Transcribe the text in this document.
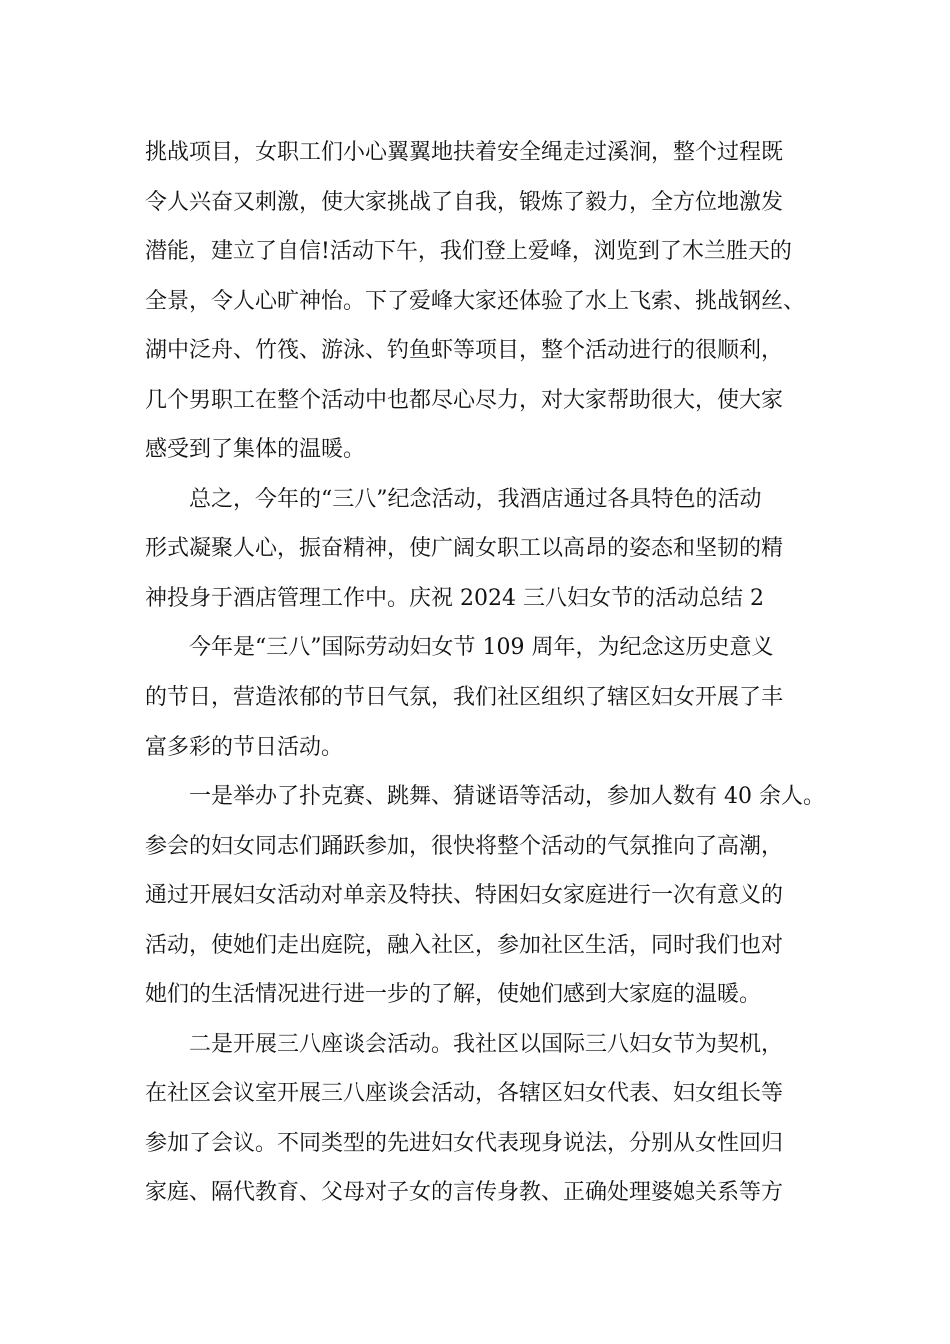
挑战项目，女职工们小心翼翼地扶着安全绳走过溪涧，整个过程既
令人兴奋又刺激，使大家挑战了自我，锻炼了毅力，全方位地激发
潜能，建立了自信!活动下午，我们登上爱峰，浏览到了木兰胜天的
全景，令人心旷神怡。下了爱峰大家还体验了水上飞索、挑战钢丝、
湖中泛舟、竹筏、游泳、钓鱼虾等项目，整个活动进行的很顺利，
几个男职工在整个活动中也都尽心尽力，对大家帮助很大，使大家
感受到了集体的温暖。
总之，今年的“三八”纪念活动，我酒店通过各具特色的活动
形式凝聚人心，振奋精神，使广阔女职工以高昂的姿态和坚韧的精
神投身于酒店管理工作中。庆祝 2024 三八妇女节的活动总结 2
今年是“三八”国际劳动妇女节 109 周年，为纪念这历史意义
的节日，营造浓郁的节日气氛，我们社区组织了辖区妇女开展了丰
富多彩的节日活动。
一是举办了扑克赛、跳舞、猜谜语等活动，参加人数有 40 余人。
参会的妇女同志们踊跃参加，很快将整个活动的气氛推向了高潮，
通过开展妇女活动对单亲及特扶、特困妇女家庭进行一次有意义的
活动，使她们走出庭院，融入社区，参加社区生活，同时我们也对
她们的生活情况进行进一步的了解，使她们感到大家庭的温暖。
二是开展三八座谈会活动。我社区以国际三八妇女节为契机，
在社区会议室开展三八座谈会活动，各辖区妇女代表、妇女组长等
参加了会议。不同类型的先进妇女代表现身说法，分别从女性回归
家庭、隔代教育、父母对子女的言传身教、正确处理婆媳关系等方
